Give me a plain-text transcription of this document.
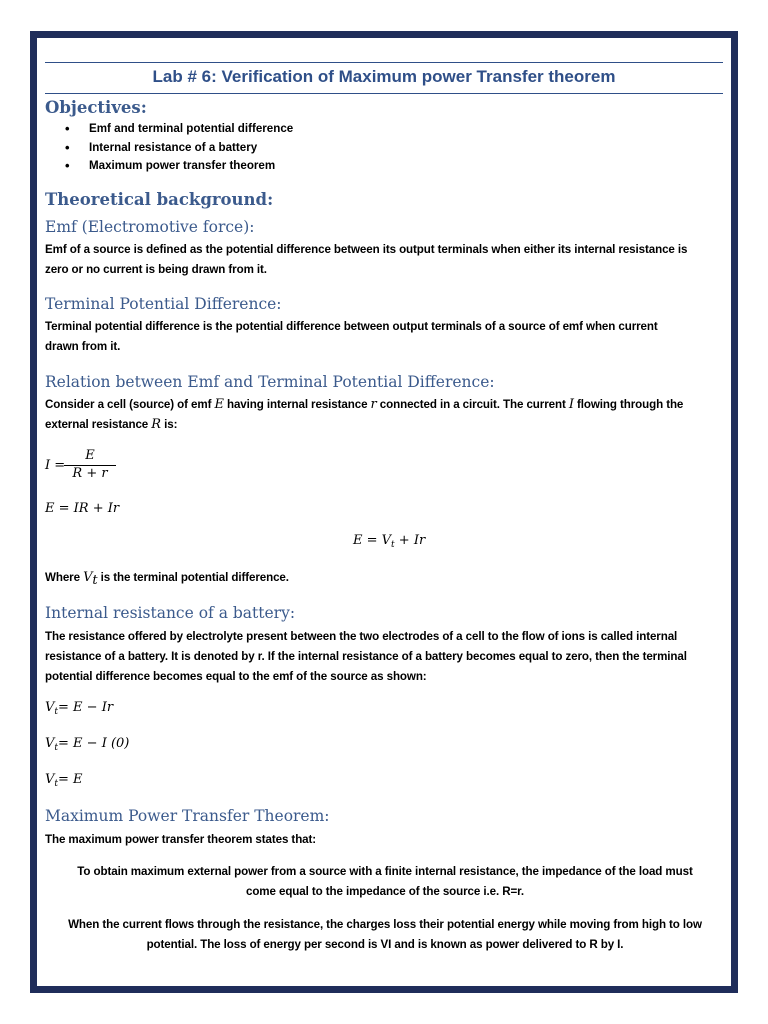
Lab # 6: Verification of Maximum power Transfer theorem
Objectives:
• Emf and terminal potential difference
• Internal resistance of a battery
• Maximum power transfer theorem
Theoretical background:
Emf (Electromotive force):
Emf of a source is defined as the potential difference between its output terminals when either its internal resistance is
zero or no current is being drawn from it.
Terminal Potential Difference:
Terminal potential difference is the potential difference between output terminals of a source of emf when current
drawn from it.
Relation between Emf and Terminal Potential Difference:
Consider a cell (source) of emf E having internal resistance r connected in a circuit. The current I flowing through the
external resistance R is:
I =
E
R + r
E = IR + Ir
$E = V_t + Ir$
Where $V_t$ is the terminal potential difference.
Internal resistance of a battery:
The resistance offered by electrolyte present between the two electrodes of a cell to the flow of ions is called internal
resistance of a battery. It is denoted by r. If the internal resistance of a battery becomes equal to zero, then the terminal
potential difference becomes equal to the emf of the source as shown:
$V_t= E - Ir$
$V_t= E - I$ (0)
$V_t= E$
Maximum Power Transfer Theorem:
The maximum power transfer theorem states that:
To obtain maximum external power from a source with a finite internal resistance, the impedance of the load must
come equal to the impedance of the source i.e. R=r.
When the current flows through the resistance, the charges loss their potential energy while moving from high to low
potential. The loss of energy per second is VI and is known as power delivered to R by I.
